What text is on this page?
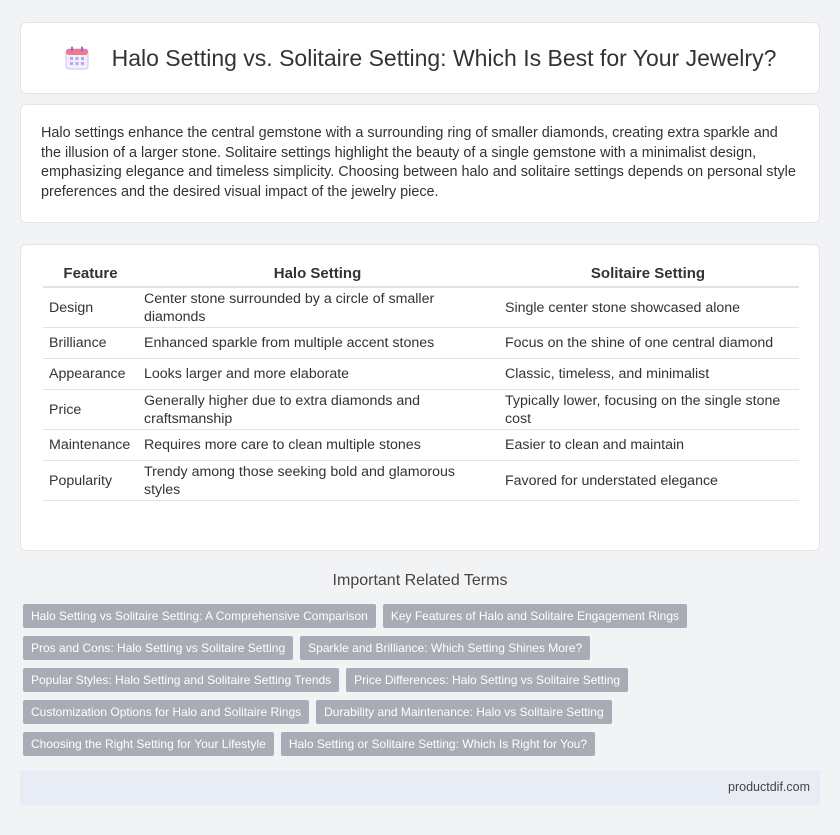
Halo Setting vs. Solitaire Setting: Which Is Best for Your Jewelry?

Halo settings enhance the central gemstone with a surrounding ring of smaller diamonds, creating extra sparkle and the illusion of a larger stone. Solitaire settings highlight the beauty of a single gemstone with a minimalist design, emphasizing elegance and timeless simplicity. Choosing between halo and solitaire settings depends on personal style preferences and the desired visual impact of the jewelry piece.

Feature	Halo Setting	Solitaire Setting
Design	Center stone surrounded by a circle of smaller diamonds	Single center stone showcased alone
Brilliance	Enhanced sparkle from multiple accent stones	Focus on the shine of one central diamond
Appearance	Looks larger and more elaborate	Classic, timeless, and minimalist
Price	Generally higher due to extra diamonds and craftsmanship	Typically lower, focusing on the single stone cost
Maintenance	Requires more care to clean multiple stones	Easier to clean and maintain
Popularity	Trendy among those seeking bold and glamorous styles	Favored for understated elegance
Important Related Terms
Halo Setting vs Solitaire Setting: A Comprehensive Comparison	Key Features of Halo and Solitaire Engagement Rings
Pros and Cons: Halo Setting vs Solitaire Setting	Sparkle and Brilliance: Which Setting Shines More?
Popular Styles: Halo Setting and Solitaire Setting Trends	Price Differences: Halo Setting vs Solitaire Setting
Customization Options for Halo and Solitaire Rings	Durability and Maintenance: Halo vs Solitaire Setting
Choosing the Right Setting for Your Lifestyle	Halo Setting or Solitaire Setting: Which Is Right for You?
productdif.com
